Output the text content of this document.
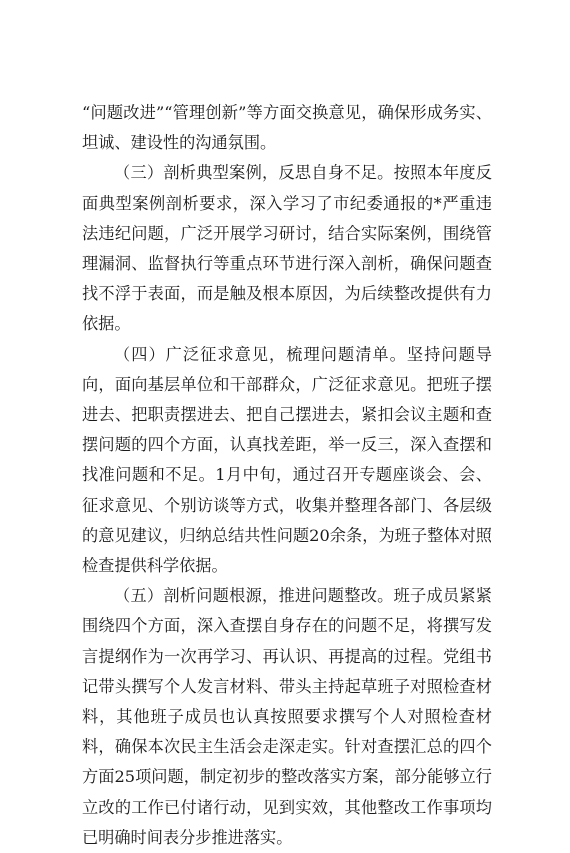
“问题改进”“管理创新”等方面交换意见，确保形成务实、坦诚、建设性的沟通氛围。

（三）剖析典型案例，反思自身不足。按照本年度反面典型案例剖析要求，深入学习了市纪委通报的*严重违法违纪问题，广泛开展学习研讨，结合实际案例，围绕管理漏洞、监督执行等重点环节进行深入剖析，确保问题查找不浮于表面，而是触及根本原因，为后续整改提供有力依据。

（四）广泛征求意见，梳理问题清单。坚持问题导向，面向基层单位和干部群众，广泛征求意见。把班子摆进去、把职责摆进去、把自己摆进去，紧扣会议主题和查摆问题的四个方面，认真找差距，举一反三，深入查摆和找准问题和不足。1月中旬，通过召开专题座谈会、会、征求意见、个别访谈等方式，收集并整理各部门、各层级的意见建议，归纳总结共性问题20余条，为班子整体对照检查提供科学依据。

（五）剖析问题根源，推进问题整改。班子成员紧紧围绕四个方面，深入查摆自身存在的问题不足，将撰写发言提纲作为一次再学习、再认识、再提高的过程。党组书记带头撰写个人发言材料、带头主持起草班子对照检查材料，其他班子成员也认真按照要求撰写个人对照检查材料，确保本次民主生活会走深走实。针对查摆汇总的四个方面25项问题，制定初步的整改落实方案，部分能够立行立改的工作已付诸行动，见到实效，其他整改工作事项均已明确时间表分步推进落实。
